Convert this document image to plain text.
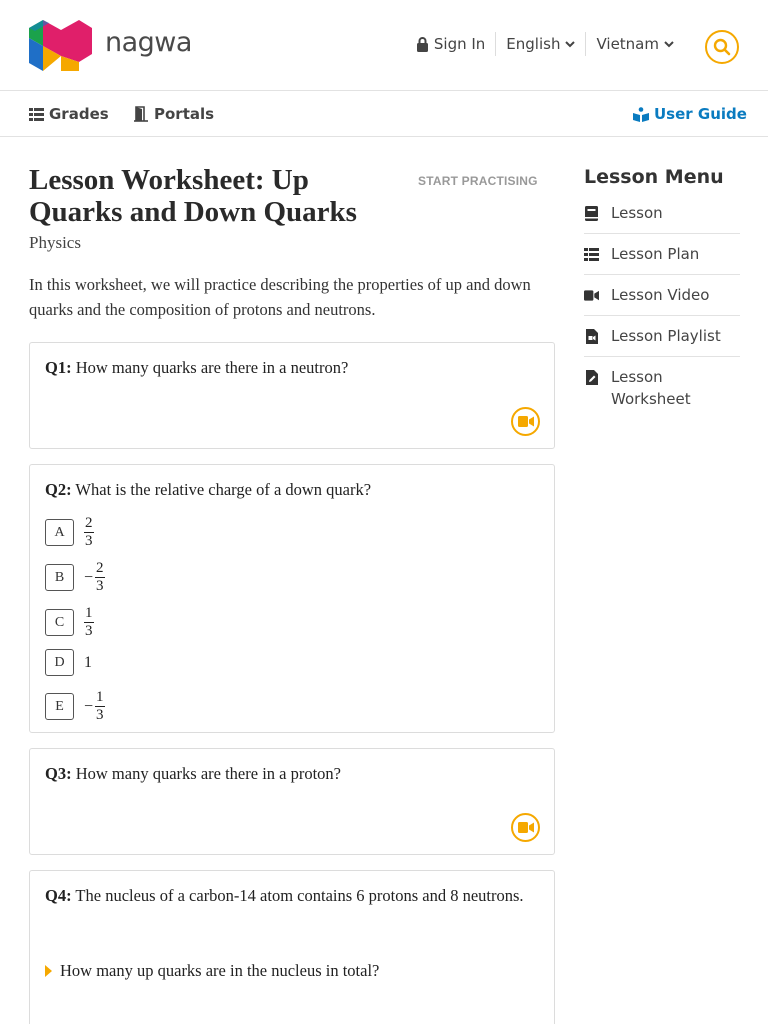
nagwa	Sign In English Vietnam
Grades	Portals	User Guide
Lesson Worksheet: Up Quarks and Down Quarks
START PRACTISING
Physics

In this worksheet, we will practice describing the properties of up and down quarks and the composition of protons and neutrons.

Q1: How many quarks are there in a neutron?
Q2: What is the relative charge of a down quark?
A	$\frac{2}{3}$
B	− $\frac{2}{3}$
C	$\frac{1}{3}$
D	1
E	− $\frac{1}{3}$
Q3: How many quarks are there in a proton?
Q4: The nucleus of a carbon-14 atom contains 6 protons and 8 neutrons.
How many up quarks are in the nucleus in total?
Lesson Menu
Lesson
Lesson Plan
Lesson Video
Lesson Playlist
Lesson Worksheet
